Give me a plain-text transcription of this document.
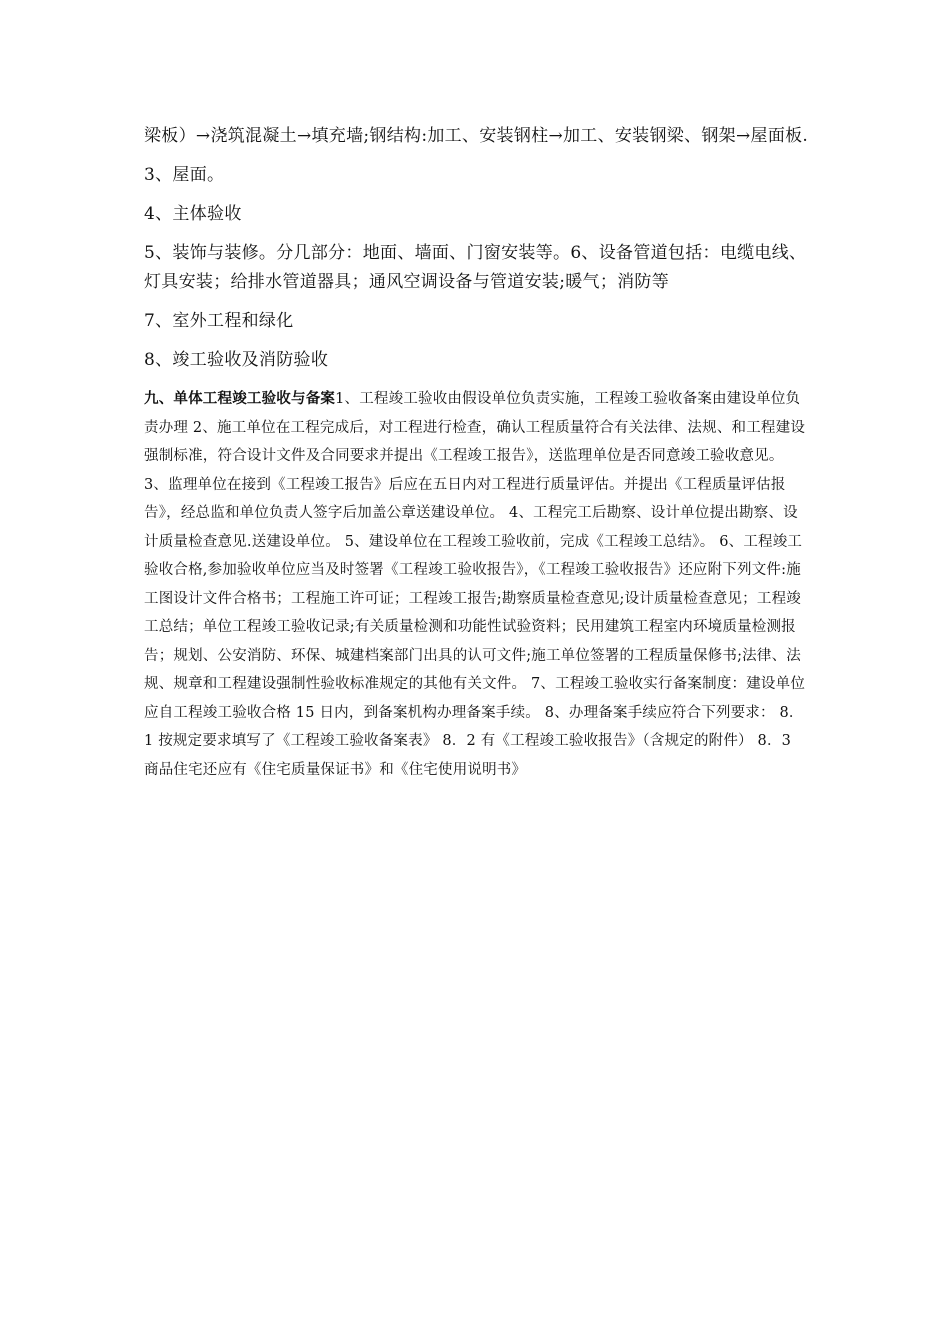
梁板）→浇筑混凝土→填充墙;钢结构:加工、安装钢柱→加工、安装钢梁、钢架→屋面板.

3、屋面。

4、主体验收

5、装饰与装修。分几部分：地面、墙面、门窗安装等。6、设备管道包括：电缆电线、灯具安装；给排水管道器具；通风空调设备与管道安装;暖气；消防等

7、室外工程和绿化

8、竣工验收及消防验收

九、单体工程竣工验收与备案1、工程竣工验收由假设单位负责实施，工程竣工验收备案由建设单位负责办理 2、施工单位在工程完成后，对工程进行检查，确认工程质量符合有关法律、法规、和工程建设强制标准，符合设计文件及合同要求并提出《工程竣工报告》，送监理单位是否同意竣工验收意见。 3、监理单位在接到《工程竣工报告》后应在五日内对工程进行质量评估。并提出《工程质量评估报告》，经总监和单位负责人签字后加盖公章送建设单位。 4、工程完工后勘察、设计单位提出勘察、设计质量检查意见.送建设单位。 5、建设单位在工程竣工验收前，完成《工程竣工总结》。 6、工程竣工验收合格,参加验收单位应当及时签署《工程竣工验收报告》，《工程竣工验收报告》还应附下列文件:施工图设计文件合格书；工程施工许可证；工程竣工报告;勘察质量检查意见;设计质量检查意见；工程竣工总结；单位工程竣工验收记录;有关质量检测和功能性试验资料；民用建筑工程室内环境质量检测报告；规划、公安消防、环保、城建档案部门出具的认可文件;施工单位签署的工程质量保修书;法律、法规、规章和工程建设强制性验收标准规定的其他有关文件。 7、工程竣工验收实行备案制度：建设单位应自工程竣工验收合格 15 日内，到备案机构办理备案手续。 8、办理备案手续应符合下列要求： 8．1 按规定要求填写了《工程竣工验收备案表》 8．2 有《工程竣工验收报告》（含规定的附件） 8．3 商品住宅还应有《住宅质量保证书》和《住宅使用说明书》
